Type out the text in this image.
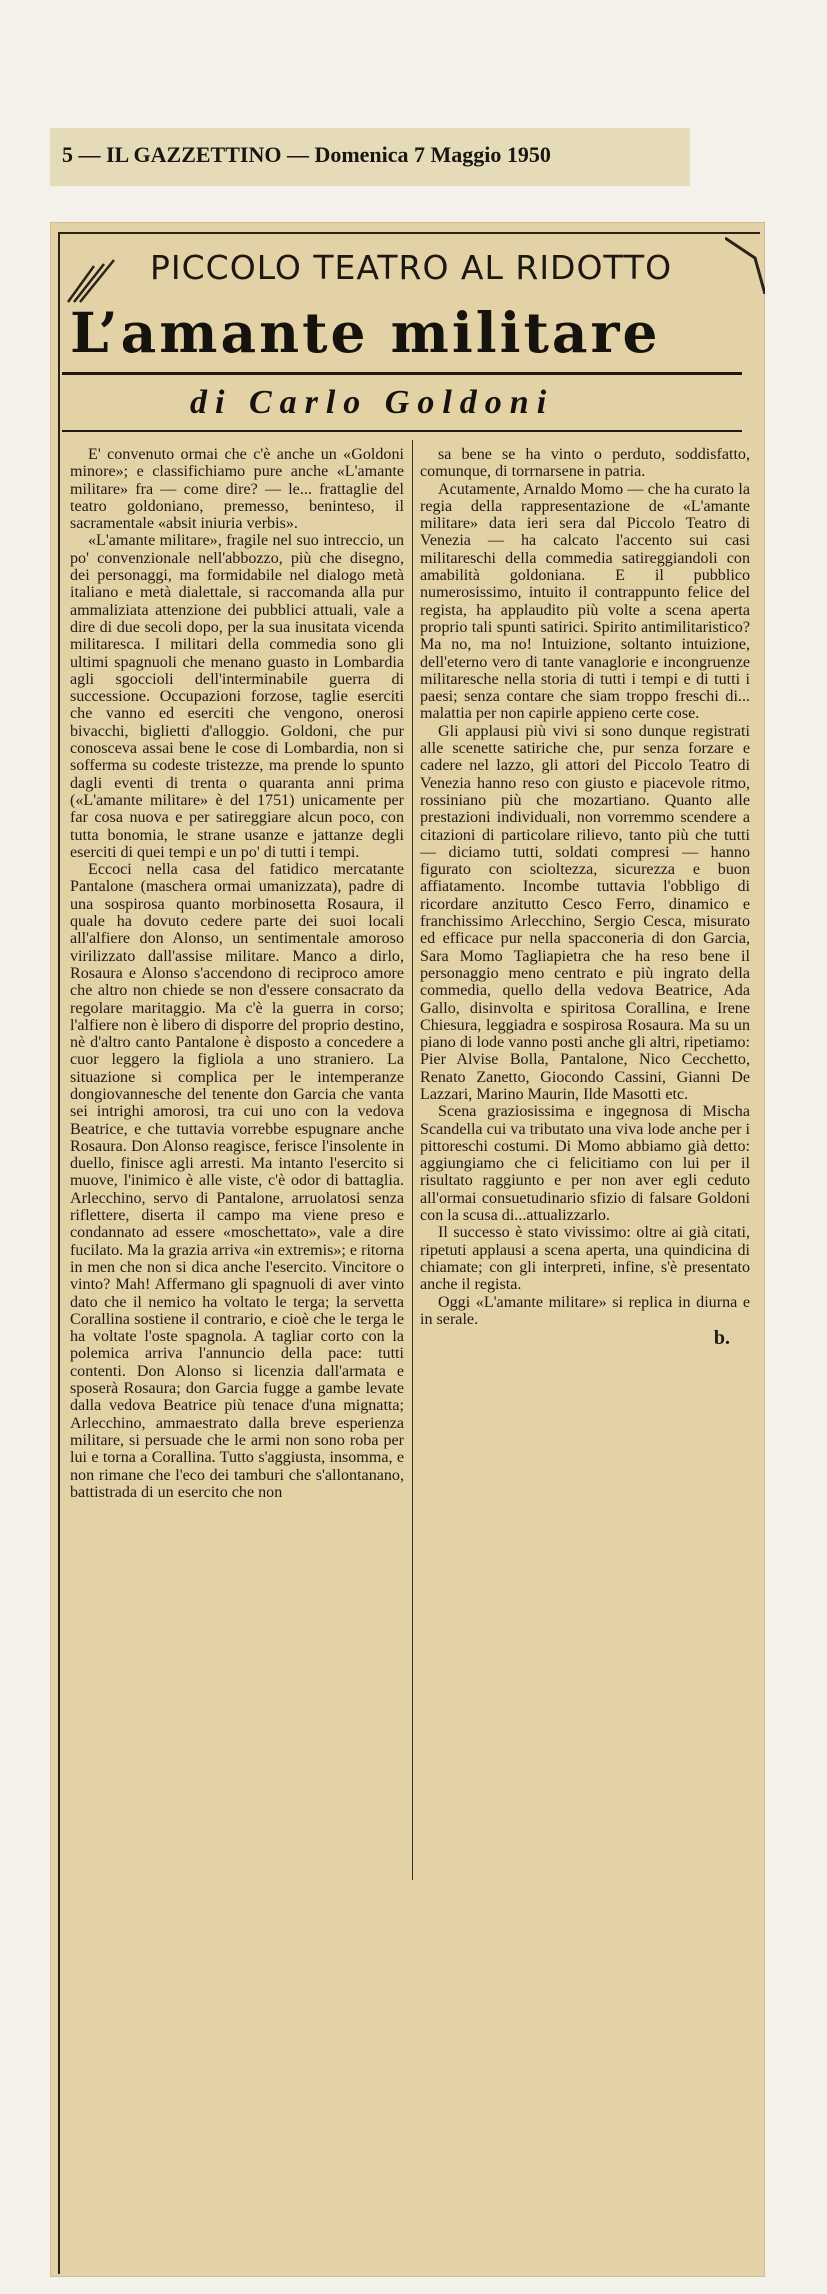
5 — IL GAZZETTINO — Domenica 7 Maggio 1950
PICCOLO TEATRO AL RIDOTTO
L’amante militare
di Carlo Goldoni

E' convenuto ormai che c'è anche un «Goldoni minore»; e classifichiamo pure anche «L'amante militare» fra — come dire? — le... frattaglie del teatro goldoniano, premesso, beninteso, il sacramentale «absit iniuria verbis».

«L'amante militare», fragile nel suo intreccio, un po' convenzionale nell'abbozzo, più che disegno, dei personaggi, ma formidabile nel dialogo metà italiano e metà dialettale, si raccomanda alla pur ammaliziata attenzione dei pubblici attuali, vale a dire di due secoli dopo, per la sua inusitata vicenda militaresca. I militari della commedia sono gli ultimi spagnuoli che menano guasto in Lombardia agli sgoccioli dell'interminabile guerra di successione. Occupazioni forzose, taglie eserciti che vanno ed eserciti che vengono, onerosi bivacchi, biglietti d'alloggio. Goldoni, che pur conosceva assai bene le cose di Lombardia, non si sofferma su codeste tristezze, ma prende lo spunto dagli eventi di trenta o quaranta anni prima («L'amante militare» è del 1751) unicamente per far cosa nuova e per satireggiare alcun poco, con tutta bonomia, le strane usanze e jattanze degli eserciti di quei tempi e un po' di tutti i tempi.

Eccoci nella casa del fatidico mercatante Pantalone (maschera ormai umanizzata), padre di una sospirosa quanto morbinosetta Rosaura, il quale ha dovuto cedere parte dei suoi locali all'alfiere don Alonso, un sentimentale amoroso virilizzato dall'assise militare. Manco a dirlo, Rosaura e Alonso s'accendono di reciproco amore che altro non chiede se non d'essere consacrato da regolare maritaggio. Ma c'è la guerra in corso; l'alfiere non è libero di disporre del proprio destino, nè d'altro canto Pantalone è disposto a concedere a cuor leggero la figliola a uno straniero. La situazione si complica per le intemperanze dongiovannesche del tenente don Garcia che vanta sei intrighi amorosi, tra cui uno con la vedova Beatrice, e che tuttavia vorrebbe espugnare anche Rosaura. Don Alonso reagisce, ferisce l'insolente in duello, finisce agli arresti. Ma intanto l'esercito si muove, l'inimico è alle viste, c'è odor di battaglia. Arlecchino, servo di Pantalone, arruolatosi senza riflettere, diserta il campo ma viene preso e condannato ad essere «moschettato», vale a dire fucilato. Ma la grazia arriva «in extremis»; e ritorna in men che non si dica anche l'esercito. Vincitore o vinto? Mah! Affermano gli spagnuoli di aver vinto dato che il nemico ha voltato le terga; la servetta Corallina sostiene il contrario, e cioè che le terga le ha voltate l'oste spagnola. A tagliar corto con la polemica arriva l'annuncio della pace: tutti contenti. Don Alonso si licenzia dall'armata e sposerà Rosaura; don Garcia fugge a gambe levate dalla vedova Beatrice più tenace d'una mignatta; Arlecchino, ammaestrato dalla breve esperienza militare, si persuade che le armi non sono roba per lui e torna a Corallina. Tutto s'aggiusta, insomma, e non rimane che l'eco dei tamburi che s'allontanano, battistrada di un esercito che non

sa bene se ha vinto o perduto, soddisfatto, comunque, di torrnarsene in patria.

Acutamente, Arnaldo Momo — che ha curato la regia della rappresentazione de «L'amante militare» data ieri sera dal Piccolo Teatro di Venezia — ha calcato l'accento sui casi militareschi della commedia satireggiandoli con amabilità goldoniana. E il pubblico numerosissimo, intuito il contrappunto felice del regista, ha applaudito più volte a scena aperta proprio tali spunti satirici. Spirito antimilitaristico? Ma no, ma no! Intuizione, soltanto intuizione, dell'eterno vero di tante vanaglorie e incongruenze militaresche nella storia di tutti i tempi e di tutti i paesi; senza contare che siam troppo freschi di... malattia per non capirle appieno certe cose.

Gli applausi più vivi si sono dunque registrati alle scenette satiriche che, pur senza forzare e cadere nel lazzo, gli attori del Piccolo Teatro di Venezia hanno reso con giusto e piacevole ritmo, rossiniano più che mozartiano. Quanto alle prestazioni individuali, non vorremmo scendere a citazioni di particolare rilievo, tanto più che tutti — diciamo tutti, soldati compresi — hanno figurato con scioltezza, sicurezza e buon affiatamento. Incombe tuttavia l'obbligo di ricordare anzitutto Cesco Ferro, dinamico e franchissimo Arlecchino, Sergio Cesca, misurato ed efficace pur nella spacconeria di don Garcia, Sara Momo Tagliapietra che ha reso bene il personaggio meno centrato e più ingrato della commedia, quello della vedova Beatrice, Ada Gallo, disinvolta e spiritosa Corallina, e Irene Chiesura, leggiadra e sospirosa Rosaura. Ma su un piano di lode vanno posti anche gli altri, ripetiamo: Pier Alvise Bolla, Pantalone, Nico Cecchetto, Renato Zanetto, Giocondo Cassini, Gianni De Lazzari, Marino Maurin, Ilde Masotti etc.

Scena graziosissima e ingegnosa di Mischa Scandella cui va tributato una viva lode anche per i pittoreschi costumi. Di Momo abbiamo già detto: aggiungiamo che ci felicitiamo con lui per il risultato raggiunto e per non aver egli ceduto all'ormai consuetudinario sfizio di falsare Goldoni con la scusa di...attualizzarlo.

Il successo è stato vivissimo: oltre ai già citati, ripetuti applausi a scena aperta, una quindicina di chiamate; con gli interpreti, infine, s'è presentato anche il regista.

Oggi «L'amante militare» si replica in diurna e in serale.

b.
